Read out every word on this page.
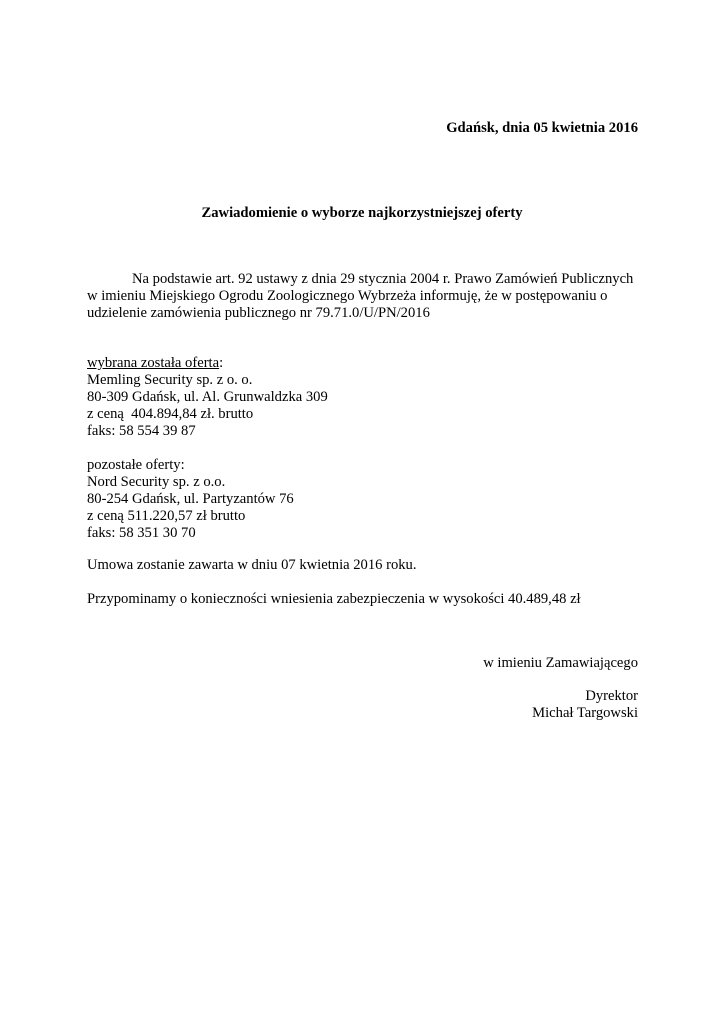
Gdańsk, dnia 05 kwietnia 2016
Zawiadomienie o wyborze najkorzystniejszej oferty
Na podstawie art. 92 ustawy z dnia 29 stycznia 2004 r. Prawo Zamówień Publicznych
w imieniu Miejskiego Ogrodu Zoologicznego Wybrzeża informuję, że w postępowaniu o
udzielenie zamówienia publicznego nr 79.71.0/U/PN/2016
wybrana została oferta:
Memling Security sp. z o. o.
80-309 Gdańsk, ul. Al. Grunwaldzka 309
z ceną  404.894,84 zł. brutto
faks: 58 554 39 87
pozostałe oferty:
Nord Security sp. z o.o.
80-254 Gdańsk, ul. Partyzantów 76
z ceną 511.220,57 zł brutto
faks: 58 351 30 70
Umowa zostanie zawarta w dniu 07 kwietnia 2016 roku.
Przypominamy o konieczności wniesienia zabezpieczenia w wysokości 40.489,48 zł
w imieniu Zamawiającego
Dyrektor
Michał Targowski
